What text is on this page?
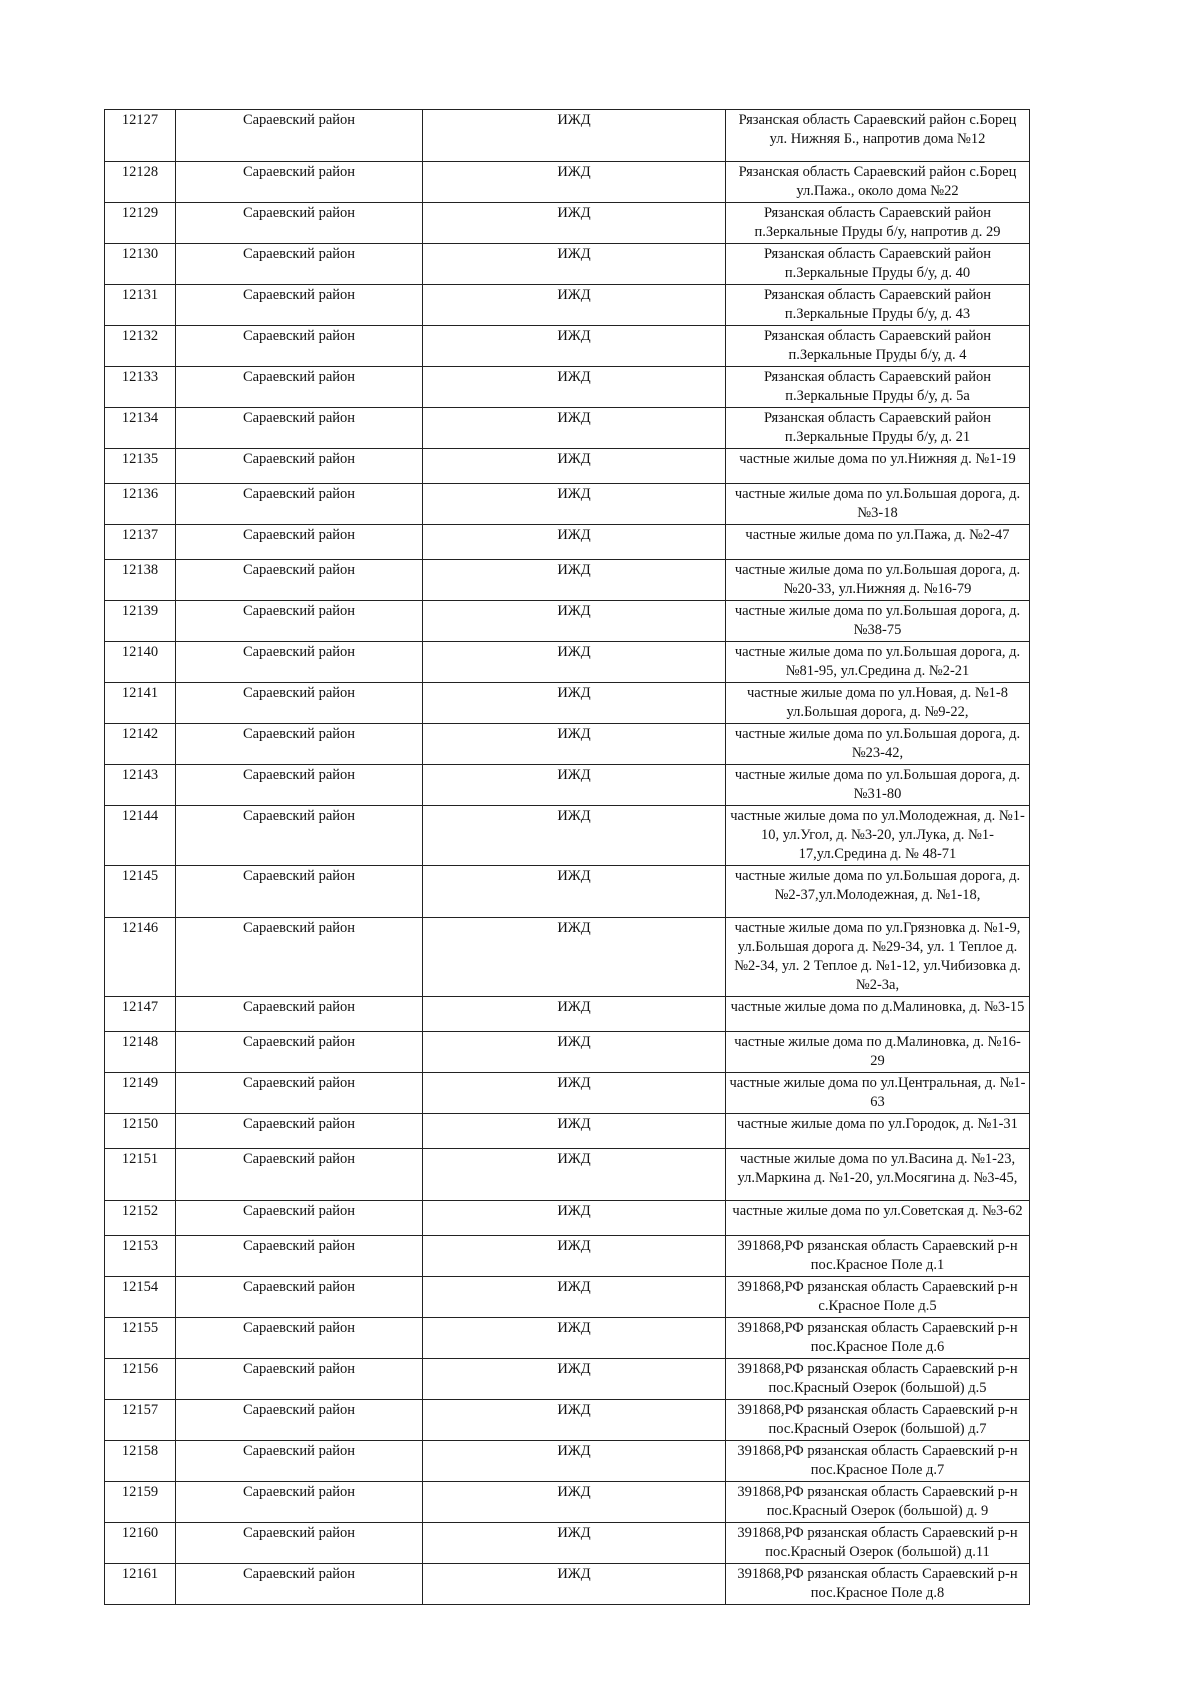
12127	Сараевский район	ИЖД	Рязанская область Сараевский район с.Борец ул. Нижняя Б., напротив дома №12
12128	Сараевский район	ИЖД	Рязанская область Сараевский район с.Борец ул.Пажа., около дома №22
12129	Сараевский район	ИЖД	Рязанская область Сараевский район п.Зеркальные Пруды б/у, напротив д. 29
12130	Сараевский район	ИЖД	Рязанская область Сараевский район п.Зеркальные Пруды б/у, д. 40
12131	Сараевский район	ИЖД	Рязанская область Сараевский район п.Зеркальные Пруды б/у, д. 43
12132	Сараевский район	ИЖД	Рязанская область Сараевский район п.Зеркальные Пруды б/у, д. 4
12133	Сараевский район	ИЖД	Рязанская область Сараевский район п.Зеркальные Пруды б/у, д. 5а
12134	Сараевский район	ИЖД	Рязанская область Сараевский район п.Зеркальные Пруды б/у, д. 21
12135	Сараевский район	ИЖД	частные жилые дома по ул.Нижняя д. №1-19
12136	Сараевский район	ИЖД	частные жилые дома по ул.Большая дорога, д. №3-18
12137	Сараевский район	ИЖД	частные жилые дома по ул.Пажа, д. №2-47
12138	Сараевский район	ИЖД	частные жилые дома по ул.Большая дорога, д. №20-33, ул.Нижняя д. №16-79
12139	Сараевский район	ИЖД	частные жилые дома по ул.Большая дорога, д. №38-75
12140	Сараевский район	ИЖД	частные жилые дома по ул.Большая дорога, д. №81-95, ул.Средина д. №2-21
12141	Сараевский район	ИЖД	частные жилые дома по ул.Новая, д. №1-8 ул.Большая дорога, д. №9-22,
12142	Сараевский район	ИЖД	частные жилые дома по ул.Большая дорога, д. №23-42,
12143	Сараевский район	ИЖД	частные жилые дома по ул.Большая дорога, д. №31-80
12144	Сараевский район	ИЖД	частные жилые дома по ул.Молодежная, д. №1-10, ул.Угол, д. №3-20, ул.Лука, д. №1-17,ул.Средина д. № 48-71
12145	Сараевский район	ИЖД	частные жилые дома по ул.Большая дорога, д. №2-37,ул.Молодежная, д. №1-18,
12146	Сараевский район	ИЖД	частные жилые дома по ул.Грязновка д. №1-9, ул.Большая дорога д. №29-34, ул. 1 Теплое д. №2-34, ул. 2 Теплое д. №1-12, ул.Чибизовка д. №2-3а,
12147	Сараевский район	ИЖД	частные жилые дома по д.Малиновка, д. №3-15
12148	Сараевский район	ИЖД	частные жилые дома по д.Малиновка, д. №16-29
12149	Сараевский район	ИЖД	частные жилые дома по ул.Центральная, д. №1-63
12150	Сараевский район	ИЖД	частные жилые дома по ул.Городок, д. №1-31
12151	Сараевский район	ИЖД	частные жилые дома по ул.Васина д. №1-23, ул.Маркина д. №1-20, ул.Мосягина д. №3-45,
12152	Сараевский район	ИЖД	частные жилые дома по ул.Советская д. №3-62
12153	Сараевский район	ИЖД	391868,РФ рязанская область Сараевский р-н пос.Красное Поле д.1
12154	Сараевский район	ИЖД	391868,РФ рязанская область Сараевский р-н с.Красное Поле д.5
12155	Сараевский район	ИЖД	391868,РФ рязанская область Сараевский р-н пос.Красное Поле д.6
12156	Сараевский район	ИЖД	391868,РФ рязанская область Сараевский р-н пос.Красный Озерок (большой) д.5
12157	Сараевский район	ИЖД	391868,РФ рязанская область Сараевский р-н пос.Красный Озерок (большой) д.7
12158	Сараевский район	ИЖД	391868,РФ рязанская область Сараевский р-н пос.Красное Поле д.7
12159	Сараевский район	ИЖД	391868,РФ рязанская область Сараевский р-н пос.Красный Озерок (большой) д. 9
12160	Сараевский район	ИЖД	391868,РФ рязанская область Сараевский р-н пос.Красный Озерок (большой) д.11
12161	Сараевский район	ИЖД	391868,РФ рязанская область Сараевский р-н пос.Красное Поле д.8
